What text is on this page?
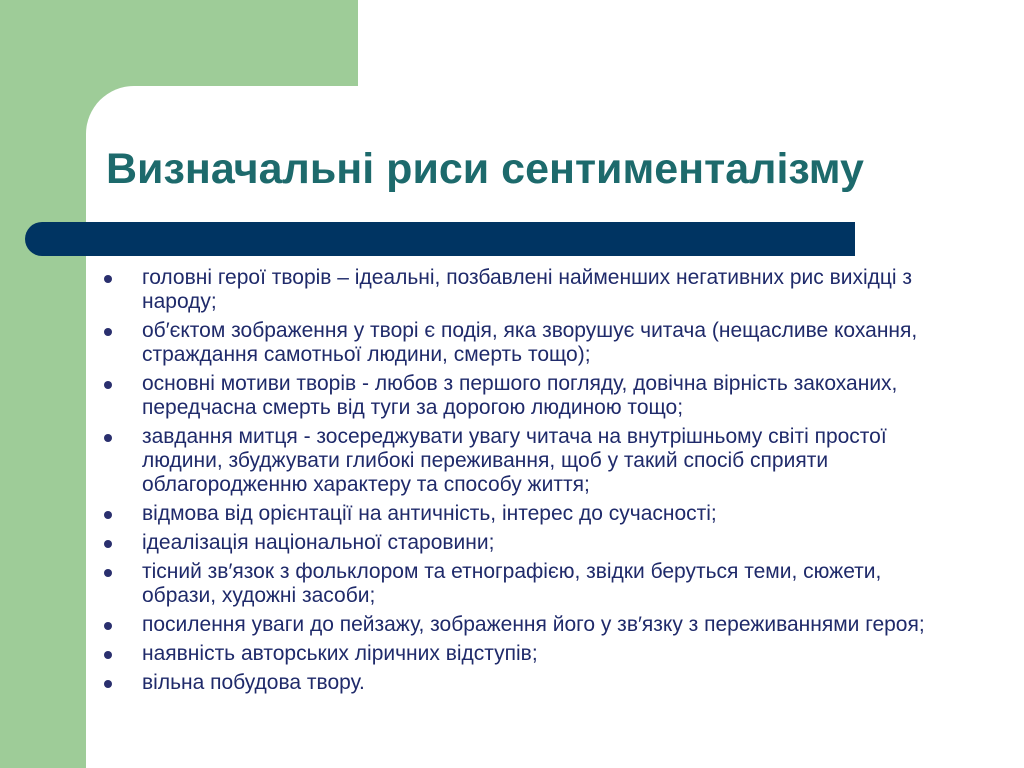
Визначальні риси сентименталізму
головні герої творів – ідеальні, позбавлені найменших негативних рис вихідці з народу;
об′єктом зображення у творі є подія, яка зворушує читача (нещасливе кохання, страждання самотньої людини, смерть тощо);
основні мотиви творів - любов з першого погляду, довічна вірність закоханих, передчасна смерть від туги за дорогою людиною тощо;
завдання митця - зосереджувати увагу читача на внутрішньому світі простої людини, збуджувати глибокі переживання, щоб у такий спосіб сприяти облагородженню характеру та способу життя;
відмова від орієнтації на античність, інтерес до сучасності;
ідеалізація національної старовини;
тісний зв′язок з фольклором та етнографією, звідки беруться теми, сюжети, образи, художні засоби;
посилення уваги до пейзажу, зображення його у зв′язку з переживаннями героя;
наявність авторських ліричних відступів;
вільна побудова твору.
